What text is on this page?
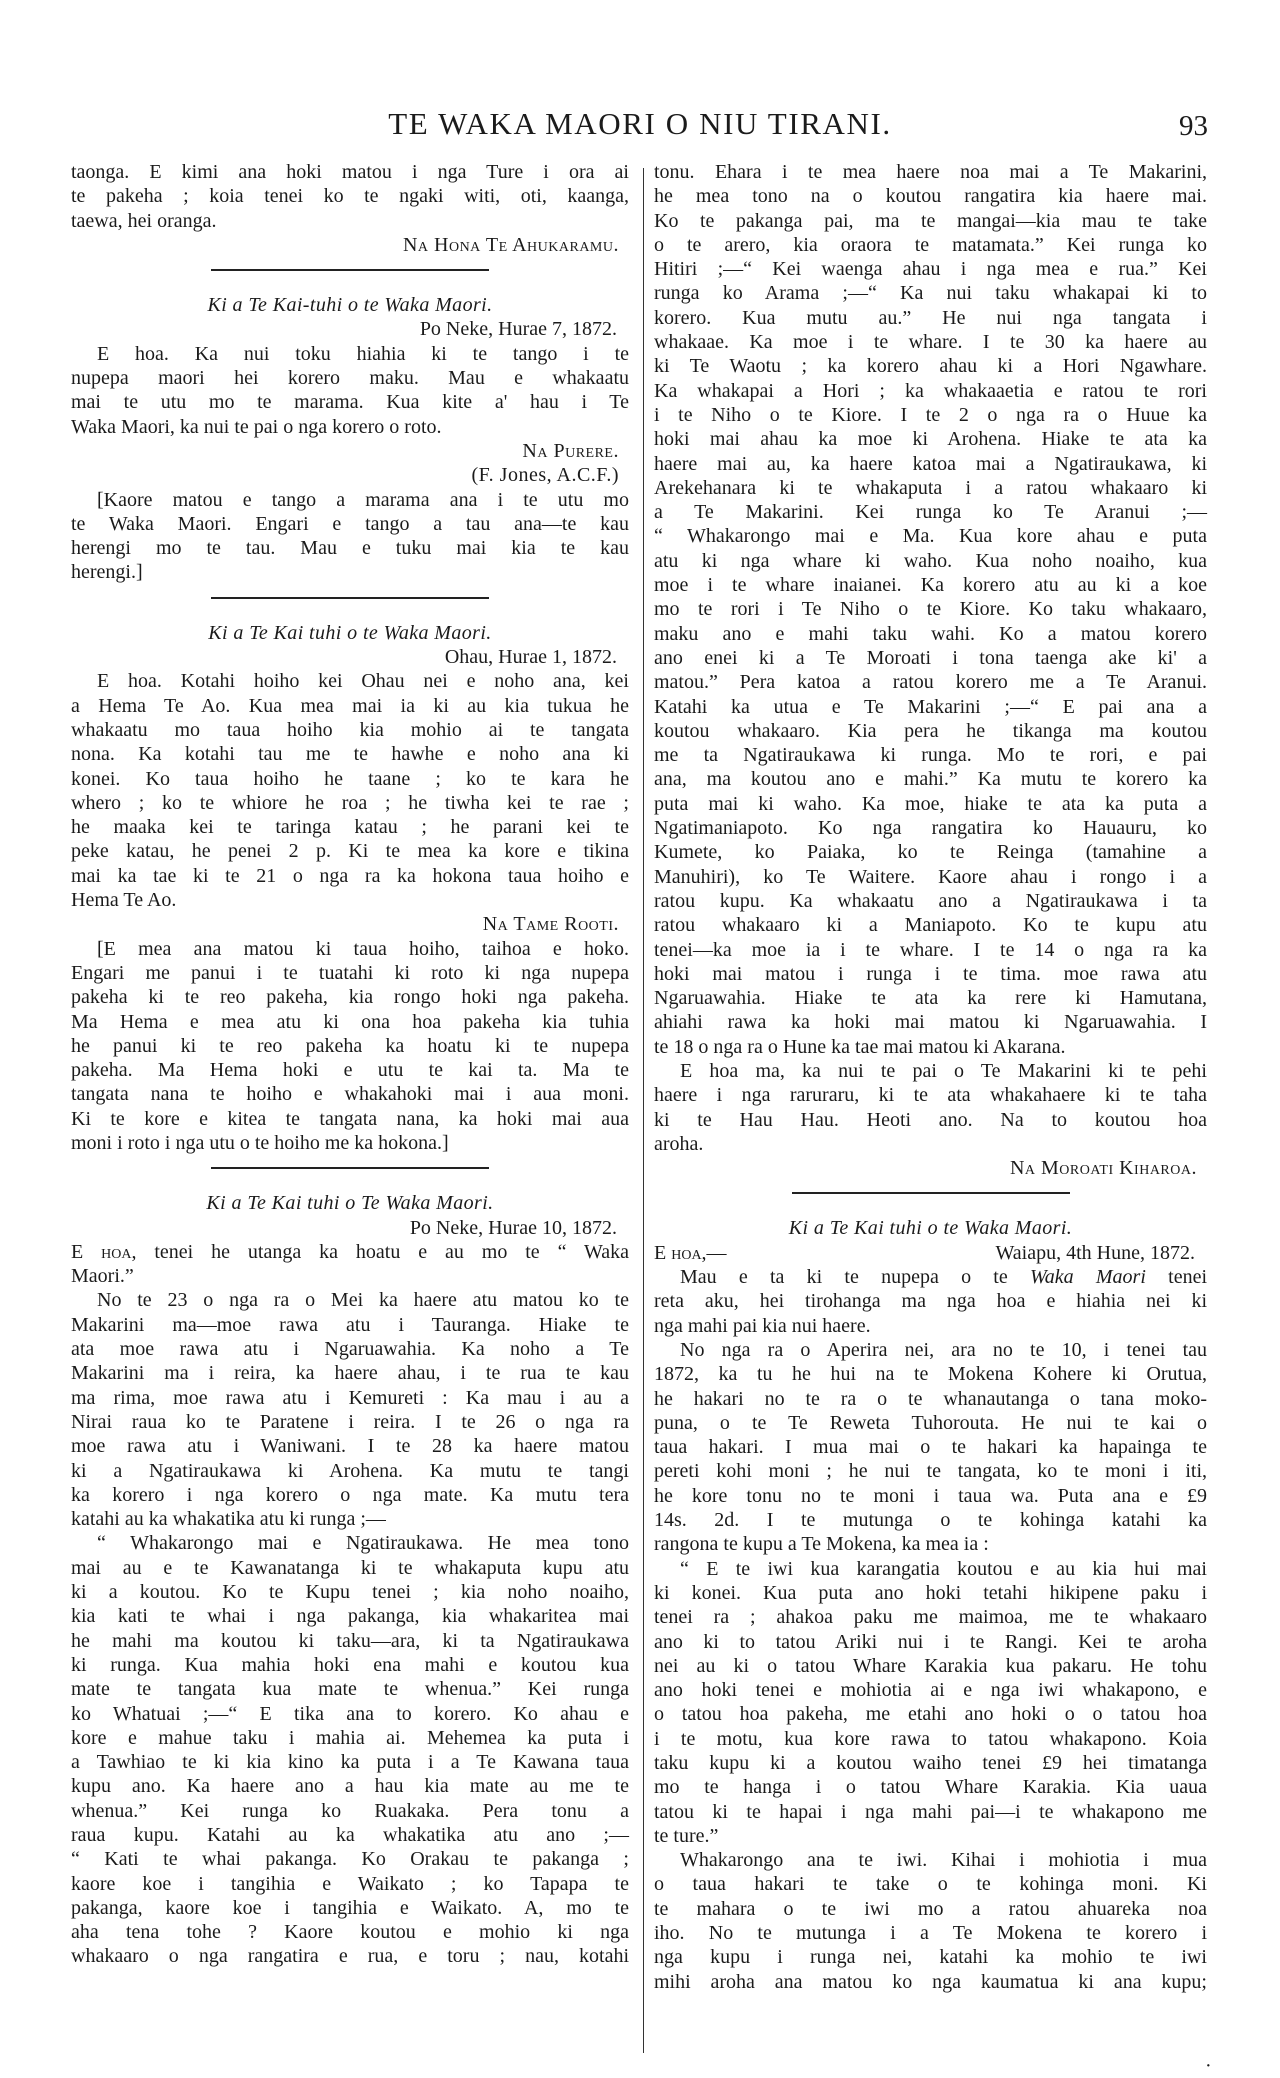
TE WAKA MAORI O NIU TIRANI.	93
taonga. E kimi ana hoki matou i nga Ture i ora ai
te pakeha ; koia tenei ko te ngaki witi, oti, kaanga,
taewa, hei oranga.
Na Hona Te Ahukaramu.
Ki a Te Kai-tuhi o te Waka Maori.
Po Neke, Hurae 7, 1872.
E hoa. Ka nui toku hiahia ki te tango i te
nupepa maori hei korero maku. Mau e whakaatu
mai te utu mo te marama. Kua kite a' hau i Te
Waka Maori, ka nui te pai o nga korero o roto.
Na Purere.
(F. Jones, A.C.F.)
[Kaore matou e tango a marama ana i te utu mo
te Waka Maori. Engari e tango a tau ana—te kau
herengi mo te tau. Mau e tuku mai kia te kau
herengi.]
Ki a Te Kai tuhi o te Waka Maori.
Ohau, Hurae 1, 1872.
E hoa. Kotahi hoiho kei Ohau nei e noho ana, kei
a Hema Te Ao. Kua mea mai ia ki au kia tukua he
whakaatu mo taua hoiho kia mohio ai te tangata
nona. Ka kotahi tau me te hawhe e noho ana ki
konei. Ko taua hoiho he taane ; ko te kara he
whero ; ko te whiore he roa ; he tiwha kei te rae ;
he maaka kei te taringa katau ; he parani kei te
peke katau, he penei 2 p. Ki te mea ka kore e tikina
mai ka tae ki te 21 o nga ra ka hokona taua hoiho e
Hema Te Ao.
Na Tame Rooti.
[E mea ana matou ki taua hoiho, taihoa e hoko.
Engari me panui i te tuatahi ki roto ki nga nupepa
pakeha ki te reo pakeha, kia rongo hoki nga pakeha.
Ma Hema e mea atu ki ona hoa pakeha kia tuhia
he panui ki te reo pakeha ka hoatu ki te nupepa
pakeha. Ma Hema hoki e utu te kai ta. Ma te
tangata nana te hoiho e whakahoki mai i aua moni.
Ki te kore e kitea te tangata nana, ka hoki mai aua
moni i roto i nga utu o te hoiho me ka hokona.]
Ki a Te Kai tuhi o Te Waka Maori.
Po Neke, Hurae 10, 1872.
E hoa, tenei he utanga ka hoatu e au mo te “ Waka
Maori.”
No te 23 o nga ra o Mei ka haere atu matou ko te
Makarini ma—moe rawa atu i Tauranga. Hiake te
ata moe rawa atu i Ngaruawahia. Ka noho a Te
Makarini ma i reira, ka haere ahau, i te rua te kau
ma rima, moe rawa atu i Kemureti : Ka mau i au a
Nirai raua ko te Paratene i reira. I te 26 o nga ra
moe rawa atu i Waniwani. I te 28 ka haere matou
ki a Ngatiraukawa ki Arohena. Ka mutu te tangi
ka korero i nga korero o nga mate. Ka mutu tera
katahi au ka whakatika atu ki runga ;—
“ Whakarongo mai e Ngatiraukawa. He mea tono
mai au e te Kawanatanga ki te whakaputa kupu atu
ki a koutou. Ko te Kupu tenei ; kia noho noaiho,
kia kati te whai i nga pakanga, kia whakaritea mai
he mahi ma koutou ki taku—ara, ki ta Ngatiraukawa
ki runga. Kua mahia hoki ena mahi e koutou kua
mate te tangata kua mate te whenua.” Kei runga
ko Whatuai ;—“ E tika ana to korero. Ko ahau e
kore e mahue taku i mahia ai. Mehemea ka puta i
a Tawhiao te ki kia kino ka puta i a Te Kawana taua
kupu ano. Ka haere ano a hau kia mate au me te
whenua.” Kei runga ko Ruakaka. Pera tonu a
raua kupu. Katahi au ka whakatika atu ano ;—
“ Kati te whai pakanga. Ko Orakau te pakanga ;
kaore koe i tangihia e Waikato ; ko Tapapa te
pakanga, kaore koe i tangihia e Waikato. A, mo te
aha tena tohe ? Kaore koutou e mohio ki nga
whakaaro o nga rangatira e rua, e toru ; nau, kotahi
tonu. Ehara i te mea haere noa mai a Te Makarini,
he mea tono na o koutou rangatira kia haere mai.
Ko te pakanga pai, ma te mangai—kia mau te take
o te arero, kia oraora te matamata.” Kei runga ko
Hitiri ;—“ Kei waenga ahau i nga mea e rua.” Kei
runga ko Arama ;—“ Ka nui taku whakapai ki to
korero. Kua mutu au.” He nui nga tangata i
whakaae. Ka moe i te whare. I te 30 ka haere au
ki Te Waotu ; ka korero ahau ki a Hori Ngawhare.
Ka whakapai a Hori ; ka whakaaetia e ratou te rori
i te Niho o te Kiore. I te 2 o nga ra o Huue ka
hoki mai ahau ka moe ki Arohena. Hiake te ata ka
haere mai au, ka haere katoa mai a Ngatiraukawa, ki
Arekehanara ki te whakaputa i a ratou whakaaro ki
a Te Makarini. Kei runga ko Te Aranui ;—
“ Whakarongo mai e Ma. Kua kore ahau e puta
atu ki nga whare ki waho. Kua noho noaiho, kua
moe i te whare inaianei. Ka korero atu au ki a koe
mo te rori i Te Niho o te Kiore. Ko taku whakaaro,
maku ano e mahi taku wahi. Ko a matou korero
ano enei ki a Te Moroati i tona taenga ake ki' a
matou.” Pera katoa a ratou korero me a Te Aranui.
Katahi ka utua e Te Makarini ;—“ E pai ana a
koutou whakaaro. Kia pera he tikanga ma koutou
me ta Ngatiraukawa ki runga. Mo te rori, e pai
ana, ma koutou ano e mahi.” Ka mutu te korero ka
puta mai ki waho. Ka moe, hiake te ata ka puta a
Ngatimaniapoto. Ko nga rangatira ko Hauauru, ko
Kumete, ko Paiaka, ko te Reinga (tamahine a
Manuhiri), ko Te Waitere. Kaore ahau i rongo i a
ratou kupu. Ka whakaatu ano a Ngatiraukawa i ta
ratou whakaaro ki a Maniapoto. Ko te kupu atu
tenei—ka moe ia i te whare. I te 14 o nga ra ka
hoki mai matou i runga i te tima. moe rawa atu
Ngaruawahia. Hiake te ata ka rere ki Hamutana,
ahiahi rawa ka hoki mai matou ki Ngaruawahia. I
te 18 o nga ra o Hune ka tae mai matou ki Akarana.
E hoa ma, ka nui te pai o Te Makarini ki te pehi
haere i nga raruraru, ki te ata whakahaere ki te taha
ki te Hau Hau. Heoti ano. Na to koutou hoa
aroha.
Na Moroati Kiharoa.
Ki a Te Kai tuhi o te Waka Maori.
E hoa,—	Waiapu, 4th Hune, 1872.
Mau e ta ki te nupepa o te Waka Maori tenei
reta aku, hei tirohanga ma nga hoa e hiahia nei ki
nga mahi pai kia nui haere.
No nga ra o Aperira nei, ara no te 10, i tenei tau
1872, ka tu he hui na te Mokena Kohere ki Orutua,
he hakari no te ra o te whanautanga o tana moko-
puna, o te Te Reweta Tuhorouta. He nui te kai o
taua hakari. I mua mai o te hakari ka hapainga te
pereti kohi moni ; he nui te tangata, ko te moni i iti,
he kore tonu no te moni i taua wa. Puta ana e £9
14s. 2d. I te mutunga o te kohinga katahi ka
rangona te kupu a Te Mokena, ka mea ia :
“ E te iwi kua karangatia koutou e au kia hui mai
ki konei. Kua puta ano hoki tetahi hikipene paku i
tenei ra ; ahakoa paku me maimoa, me te whakaaro
ano ki to tatou Ariki nui i te Rangi. Kei te aroha
nei au ki o tatou Whare Karakia kua pakaru. He tohu
ano hoki tenei e mohiotia ai e nga iwi whakapono, e
o tatou hoa pakeha, me etahi ano hoki o o tatou hoa
i te motu, kua kore rawa to tatou whakapono. Koia
taku kupu ki a koutou waiho tenei £9 hei timatanga
mo te hanga i o tatou Whare Karakia. Kia uaua
tatou ki te hapai i nga mahi pai—i te whakapono me
te ture.”
Whakarongo ana te iwi. Kihai i mohiotia i mua
o taua hakari te take o te kohinga moni. Ki
te mahara o te iwi mo a ratou ahuareka noa
iho. No te mutunga i a Te Mokena te korero i
nga kupu i runga nei, katahi ka mohio te iwi
mihi aroha ana matou ko nga kaumatua ki ana kupu;
·
